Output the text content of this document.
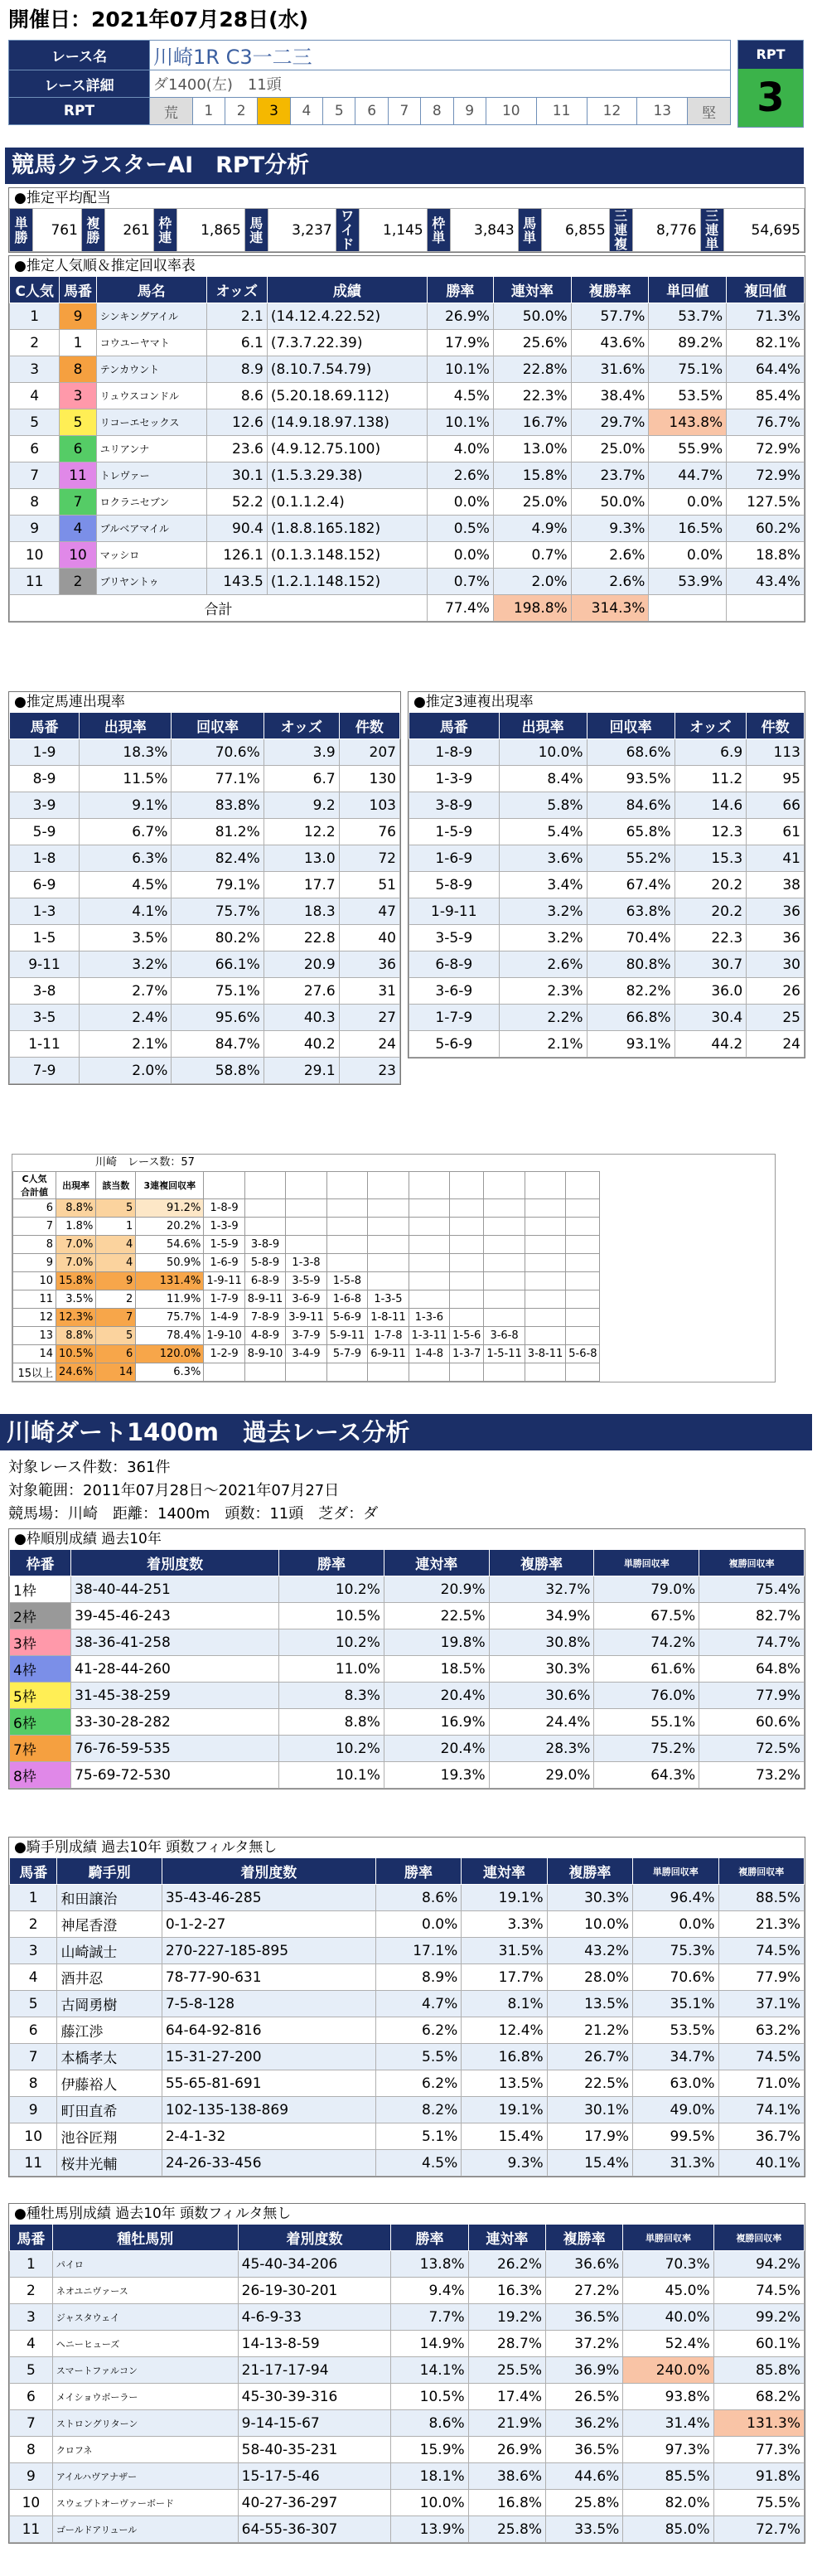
開催日：2021年07月28日(水)
レース名	川崎1R C3一二三														
レース詳細	ダ1400(左)　11頭														
RPT	荒	1	2	3	4	5	6	7	8	9	10	11	12	13	堅
RPT
3
競馬クラスターAI　RPT分析
●推定平均配当
単勝	761	複勝	261	枠連	1,865	馬連	3,237	ワイド	1,145	枠単	3,843	馬単	6,855	三連複	8,776	三連単	54,695
●推定人気順＆推定回収率表
C人気	馬番	馬名	オッズ	成績	勝率	連対率	複勝率	単回値	複回値
1	9	シンキングアイル	2.1	(14.12.4.22.52)	26.9%	50.0%	57.7%	53.7%	71.3%
2	1	コウユーヤマト	6.1	(7.3.7.22.39)	17.9%	25.6%	43.6%	89.2%	82.1%
3	8	テンカウント	8.9	(8.10.7.54.79)	10.1%	22.8%	31.6%	75.1%	64.4%
4	3	リュウスコンドル	8.6	(5.20.18.69.112)	4.5%	22.3%	38.4%	53.5%	85.4%
5	5	リコーエセックス	12.6	(14.9.18.97.138)	10.1%	16.7%	29.7%	143.8%	76.7%
6	6	ユリアンナ	23.6	(4.9.12.75.100)	4.0%	13.0%	25.0%	55.9%	72.9%
7	11	トレヴァー	30.1	(1.5.3.29.38)	2.6%	15.8%	23.7%	44.7%	72.9%
8	7	ロクラニセブン	52.2	(0.1.1.2.4)	0.0%	25.0%	50.0%	0.0%	127.5%
9	4	ブルベアマイル	90.4	(1.8.8.165.182)	0.5%	4.9%	9.3%	16.5%	60.2%
10	10	マッシロ	126.1	(0.1.3.148.152)	0.0%	0.7%	2.6%	0.0%	18.8%
11	2	ブリヤントゥ	143.5	(1.2.1.148.152)	0.7%	2.0%	2.6%	53.9%	43.4%
合計					77.4%	198.8%	314.3%		
●推定馬連出現率
馬番	出現率	回収率	オッズ	件数
1-9	18.3%	70.6%	3.9	207
8-9	11.5%	77.1%	6.7	130
3-9	9.1%	83.8%	9.2	103
5-9	6.7%	81.2%	12.2	76
1-8	6.3%	82.4%	13.0	72
6-9	4.5%	79.1%	17.7	51
1-3	4.1%	75.7%	18.3	47
1-5	3.5%	80.2%	22.8	40
9-11	3.2%	66.1%	20.9	36
3-8	2.7%	75.1%	27.6	31
3-5	2.4%	95.6%	40.3	27
1-11	2.1%	84.7%	40.2	24
7-9	2.0%	58.8%	29.1	23
●推定3連複出現率
馬番	出現率	回収率	オッズ	件数
1-8-9	10.0%	68.6%	6.9	113
1-3-9	8.4%	93.5%	11.2	95
3-8-9	5.8%	84.6%	14.6	66
1-5-9	5.4%	65.8%	12.3	61
1-6-9	3.6%	55.2%	15.3	41
5-8-9	3.4%	67.4%	20.2	38
1-9-11	3.2%	63.8%	20.2	36
3-5-9	3.2%	70.4%	22.3	36
6-8-9	2.6%	80.8%	30.7	30
3-6-9	2.3%	82.2%	36.0	26
1-7-9	2.2%	66.8%	30.4	25
5-6-9	2.1%	93.1%	44.2	24
川崎　レース数：57
C人気
合計値	出現率	該当数	3連複回収率										
6	8.8%	5	91.2%	1-8-9									
7	1.8%	1	20.2%	1-3-9									
8	7.0%	4	54.6%	1-5-9	3-8-9								
9	7.0%	4	50.9%	1-6-9	5-8-9	1-3-8							
10	15.8%	9	131.4%	1-9-11	6-8-9	3-5-9	1-5-8						
11	3.5%	2	11.9%	1-7-9	8-9-11	3-6-9	1-6-8	1-3-5					
12	12.3%	7	75.7%	1-4-9	7-8-9	3-9-11	5-6-9	1-8-11	1-3-6				
13	8.8%	5	78.4%	1-9-10	4-8-9	3-7-9	5-9-11	1-7-8	1-3-11	1-5-6	3-6-8		
14	10.5%	6	120.0%	1-2-9	8-9-10	3-4-9	5-7-9	6-9-11	1-4-8	1-3-7	1-5-11	3-8-11	5-6-8
15以上	24.6%	14	6.3%										
川崎ダート1400m　過去レース分析
対象レース件数：361件
対象範囲：2011年07月28日～2021年07月27日
競馬場：川崎　距離：1400m　頭数：11頭　芝ダ：ダ
●枠順別成績 過去10年
枠番	着別度数	勝率	連対率	複勝率	単勝回収率	複勝回収率
1枠	38-40-44-251	10.2%	20.9%	32.7%	79.0%	75.4%
2枠	39-45-46-243	10.5%	22.5%	34.9%	67.5%	82.7%
3枠	38-36-41-258	10.2%	19.8%	30.8%	74.2%	74.7%
4枠	41-28-44-260	11.0%	18.5%	30.3%	61.6%	64.8%
5枠	31-45-38-259	8.3%	20.4%	30.6%	76.0%	77.9%
6枠	33-30-28-282	8.8%	16.9%	24.4%	55.1%	60.6%
7枠	76-76-59-535	10.2%	20.4%	28.3%	75.2%	72.5%
8枠	75-69-72-530	10.1%	19.3%	29.0%	64.3%	73.2%
●騎手別成績 過去10年 頭数フィルタ無し
馬番	騎手別	着別度数	勝率	連対率	複勝率	単勝回収率	複勝回収率
1	和田譲治	35-43-46-285	8.6%	19.1%	30.3%	96.4%	88.5%
2	神尾香澄	0-1-2-27	0.0%	3.3%	10.0%	0.0%	21.3%
3	山崎誠士	270-227-185-895	17.1%	31.5%	43.2%	75.3%	74.5%
4	酒井忍	78-77-90-631	8.9%	17.7%	28.0%	70.6%	77.9%
5	古岡勇樹	7-5-8-128	4.7%	8.1%	13.5%	35.1%	37.1%
6	藤江渉	64-64-92-816	6.2%	12.4%	21.2%	53.5%	63.2%
7	本橋孝太	15-31-27-200	5.5%	16.8%	26.7%	34.7%	74.5%
8	伊藤裕人	55-65-81-691	6.2%	13.5%	22.5%	63.0%	71.0%
9	町田直希	102-135-138-869	8.2%	19.1%	30.1%	49.0%	74.1%
10	池谷匠翔	2-4-1-32	5.1%	15.4%	17.9%	99.5%	36.7%
11	桜井光輔	24-26-33-456	4.5%	9.3%	15.4%	31.3%	40.1%
●種牡馬別成績 過去10年 頭数フィルタ無し
馬番	種牡馬別	着別度数	勝率	連対率	複勝率	単勝回収率	複勝回収率
1	パイロ	45-40-34-206	13.8%	26.2%	36.6%	70.3%	94.2%
2	ネオユニヴァース	26-19-30-201	9.4%	16.3%	27.2%	45.0%	74.5%
3	ジャスタウェイ	4-6-9-33	7.7%	19.2%	36.5%	40.0%	99.2%
4	ヘニーヒューズ	14-13-8-59	14.9%	28.7%	37.2%	52.4%	60.1%
5	スマートファルコン	21-17-17-94	14.1%	25.5%	36.9%	240.0%	85.8%
6	メイショウボーラー	45-30-39-316	10.5%	17.4%	26.5%	93.8%	68.2%
7	ストロングリターン	9-14-15-67	8.6%	21.9%	36.2%	31.4%	131.3%
8	クロフネ	58-40-35-231	15.9%	26.9%	36.5%	97.3%	77.3%
9	アイルハヴアナザー	15-17-5-46	18.1%	38.6%	44.6%	85.5%	91.8%
10	スウェプトオーヴァーボード	40-27-36-297	10.0%	16.8%	25.8%	82.0%	75.5%
11	ゴールドアリュール	64-55-36-307	13.9%	25.8%	33.5%	85.0%	72.7%
